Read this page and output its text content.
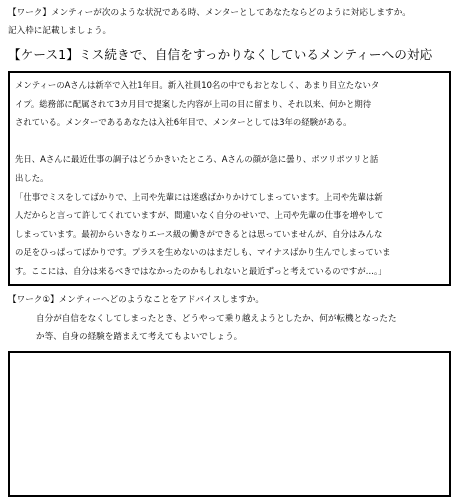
【ワーク】メンティーが次のような状況である時、メンターとしてあなたならどのように対応しますか。
記入枠に記載しましょう。
【ケース1】ミス続きで、自信をすっかりなくしているメンティーへの対応
メンティーのAさんは新卒で入社1年目。新入社員10名の中でもおとなしく、あまり目立たないタ
イプ。総務部に配属されて3カ月目で提案した内容が上司の目に留まり、それ以来、何かと期待
されている。メンターであるあなたは入社6年目で、メンターとしては3年の経験がある。
先日、Aさんに最近仕事の調子はどうかきいたところ、Aさんの顔が急に曇り、ポツリポツリと話
出した。
「仕事でミスをしてばかりで、上司や先輩には迷惑ばかりかけてしまっています。上司や先輩は新
人だからと言って許してくれていますが、間違いなく自分のせいで、上司や先輩の仕事を増やして
しまっています。最初からいきなりエース級の働きができるとは思っていませんが、自分はみんな
の足をひっぱってばかりです。プラスを生めないのはまだしも、マイナスばかり生んでしまっていま
す。ここには、自分は来るべきではなかったのかもしれないと最近ずっと考えているのですが…。」
【ワーク①】メンティーへどのようなことをアドバイスしますか。
自分が自信をなくしてしまったとき、どうやって乗り越えようとしたか、何が転機となったた
か等、自身の経験を踏まえて考えてもよいでしょう。
